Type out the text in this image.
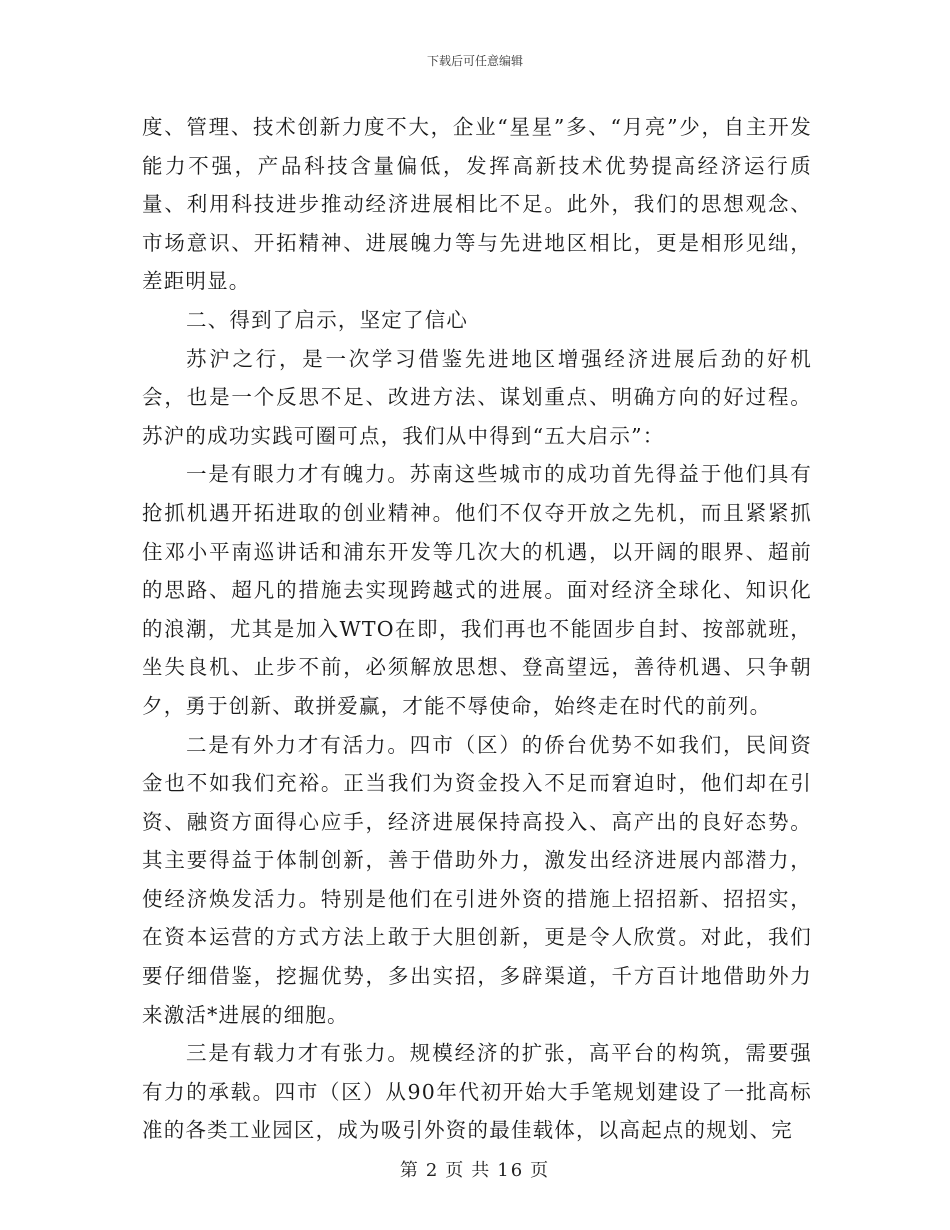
下载后可任意编辑

度、管理、技术创新力度不大，企业“星星”多、“月亮”少，自主开发能力不强，产品科技含量偏低，发挥高新技术优势提高经济运行质量、利用科技进步推动经济进展相比不足。此外，我们的思想观念、市场意识、开拓精神、进展魄力等与先进地区相比，更是相形见绌，差距明显。

二、得到了启示，坚定了信心

苏沪之行，是一次学习借鉴先进地区增强经济进展后劲的好机会，也是一个反思不足、改进方法、谋划重点、明确方向的好过程。苏沪的成功实践可圈可点，我们从中得到“五大启示”：

一是有眼力才有魄力。苏南这些城市的成功首先得益于他们具有抢抓机遇开拓进取的创业精神。他们不仅夺开放之先机，而且紧紧抓住邓小平南巡讲话和浦东开发等几次大的机遇，以开阔的眼界、超前的思路、超凡的措施去实现跨越式的进展。面对经济全球化、知识化的浪潮，尤其是加入WTO在即，我们再也不能固步自封、按部就班，坐失良机、止步不前，必须解放思想、登高望远，善待机遇、只争朝夕，勇于创新、敢拼爱赢，才能不辱使命，始终走在时代的前列。

二是有外力才有活力。四市（区）的侨台优势不如我们，民间资金也不如我们充裕。正当我们为资金投入不足而窘迫时，他们却在引资、融资方面得心应手，经济进展保持高投入、高产出的良好态势。其主要得益于体制创新，善于借助外力，激发出经济进展内部潜力，使经济焕发活力。特别是他们在引进外资的措施上招招新、招招实，在资本运营的方式方法上敢于大胆创新，更是令人欣赏。对此，我们要仔细借鉴，挖掘优势，多出实招，多辟渠道，千方百计地借助外力来激活*进展的细胞。

三是有载力才有张力。规模经济的扩张，高平台的构筑，需要强有力的承载。四市（区）从90年代初开始大手笔规划建设了一批高标准的各类工业园区，成为吸引外资的最佳载体，以高起点的规划、完

第 2 页 共 16 页
